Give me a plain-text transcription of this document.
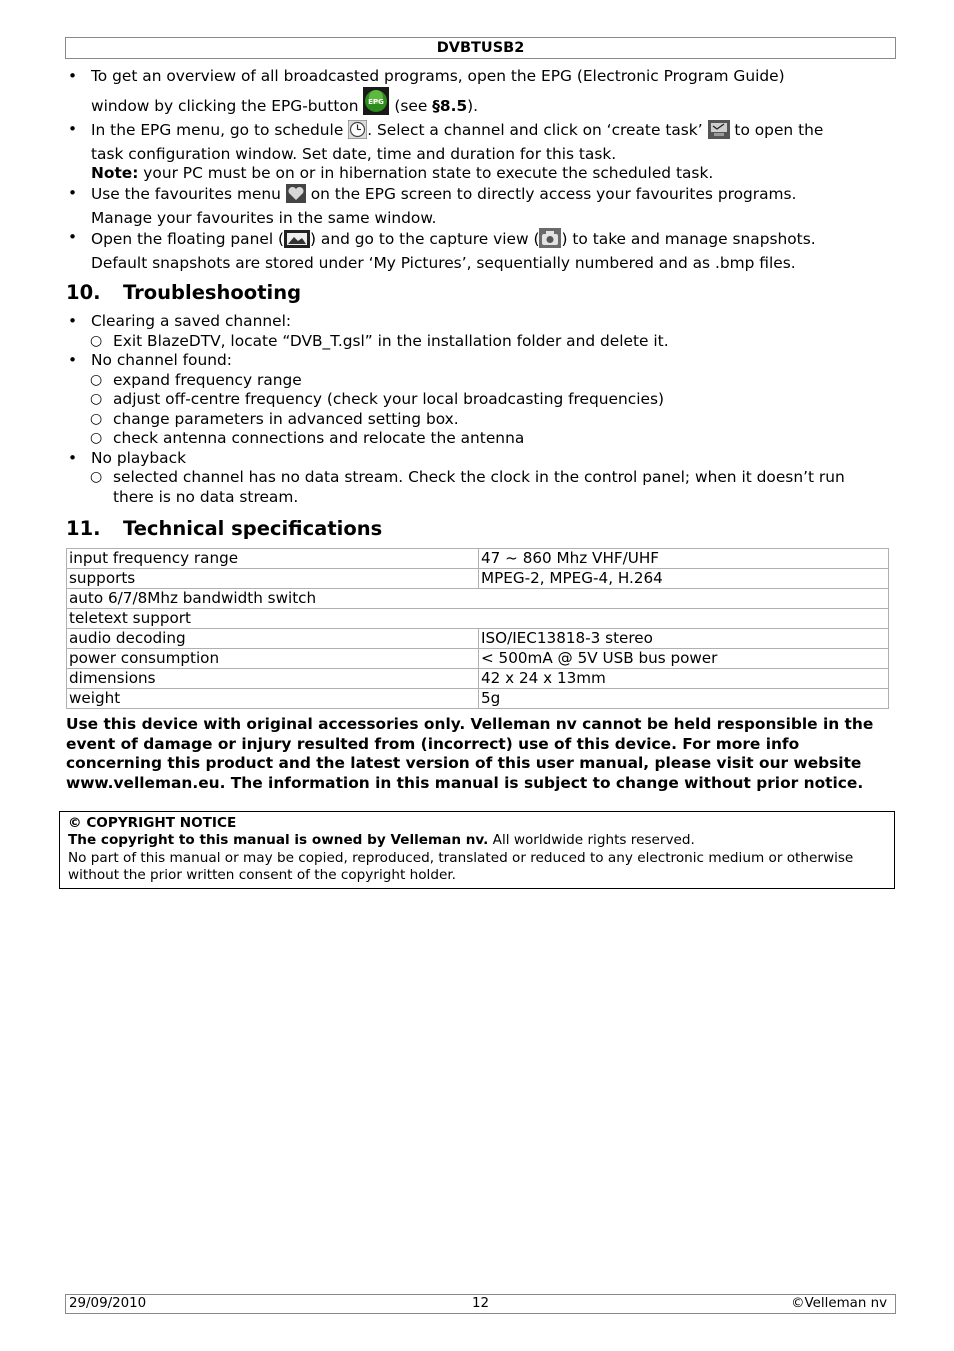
DVBTUSB2
• To get an overview of all broadcasted programs, open the EPG (Electronic Program Guide)
window by clicking the EPG-button EPG (see §8.5).
• In the EPG menu, go to schedule . Select a channel and click on ‘create task’  to open the
task configuration window. Set date, time and duration for this task.
Note: your PC must be on or in hibernation state to execute the scheduled task.
• Use the favourites menu  on the EPG screen to directly access your favourites programs.
Manage your favourites in the same window.
• Open the floating panel ( ) and go to the capture view ( ) to take and manage snapshots.
Default snapshots are stored under ‘My Pictures’, sequentially numbered and as .bmp files.
10. Troubleshooting
• Clearing a saved channel:
○ Exit BlazeDTV, locate “DVB_T.gsl” in the installation folder and delete it.
• No channel found:
○ expand frequency range
○ adjust off-centre frequency (check your local broadcasting frequencies)
○ change parameters in advanced setting box.
○ check antenna connections and relocate the antenna
• No playback
○ selected channel has no data stream. Check the clock in the control panel; when it doesn’t run there is no data stream.
11. Technical specifications
input frequency range	47 ~ 860 Mhz VHF/UHF
supports	MPEG-2, MPEG-4, H.264
auto 6/7/8Mhz bandwidth switch	
teletext support	
audio decoding	ISO/IEC13818-3 stereo
power consumption	< 500mA @ 5V USB bus power
dimensions	42 x 24 x 13mm
weight	5g
Use this device with original accessories only. Velleman nv cannot be held responsible in the event of damage or injury resulted from (incorrect) use of this device. For more info concerning this product and the latest version of this user manual, please visit our website www.velleman.eu. The information in this manual is subject to change without prior notice.
© COPYRIGHT NOTICE
The copyright to this manual is owned by Velleman nv. All worldwide rights reserved.
No part of this manual or may be copied, reproduced, translated or reduced to any electronic medium or otherwise without the prior written consent of the copyright holder.
29/09/2010	12	©Velleman nv
